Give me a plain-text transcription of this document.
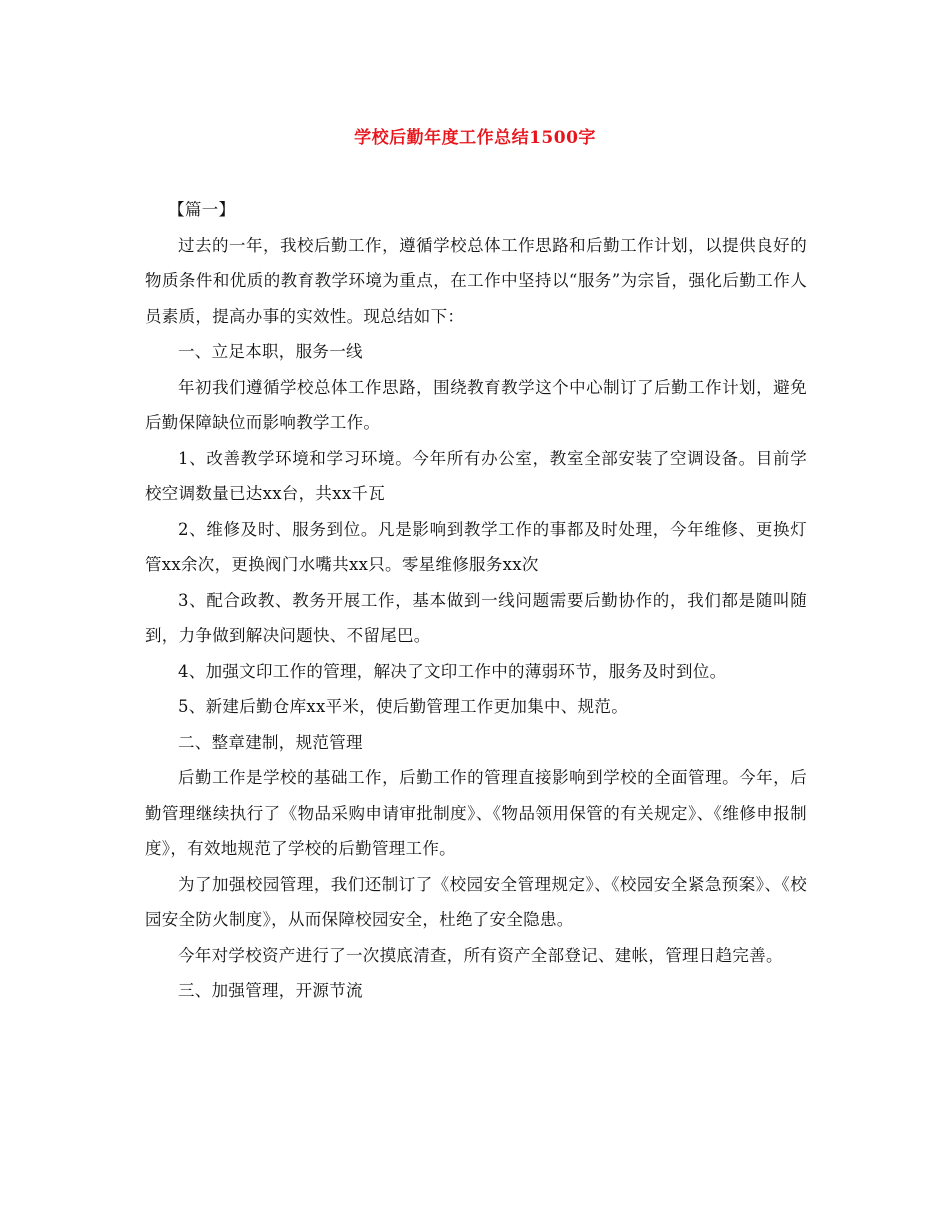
学校后勤年度工作总结1500字

【篇一】

过去的一年，我校后勤工作，遵循学校总体工作思路和后勤工作计划，以提供良好的物质条件和优质的教育教学环境为重点，在工作中坚持以“服务”为宗旨，强化后勤工作人员素质，提高办事的实效性。现总结如下：

一、立足本职，服务一线

年初我们遵循学校总体工作思路，围绕教育教学这个中心制订了后勤工作计划，避免后勤保障缺位而影响教学工作。

1、改善教学环境和学习环境。今年所有办公室，教室全部安装了空调设备。目前学校空调数量已达xx台，共xx千瓦

2、维修及时、服务到位。凡是影响到教学工作的事都及时处理，今年维修、更换灯管xx余次，更换阀门水嘴共xx只。零星维修服务xx次

3、配合政教、教务开展工作，基本做到一线问题需要后勤协作的，我们都是随叫随到，力争做到解决问题快、不留尾巴。

4、加强文印工作的管理，解决了文印工作中的薄弱环节，服务及时到位。

5、新建后勤仓库xx平米，使后勤管理工作更加集中、规范。

二、整章建制，规范管理

后勤工作是学校的基础工作，后勤工作的管理直接影响到学校的全面管理。今年，后勤管理继续执行了《物品采购申请审批制度》、《物品领用保管的有关规定》、《维修申报制度》，有效地规范了学校的后勤管理工作。

为了加强校园管理，我们还制订了《校园安全管理规定》、《校园安全紧急预案》、《校园安全防火制度》，从而保障校园安全，杜绝了安全隐患。

今年对学校资产进行了一次摸底清查，所有资产全部登记、建帐，管理日趋完善。

三、加强管理，开源节流
